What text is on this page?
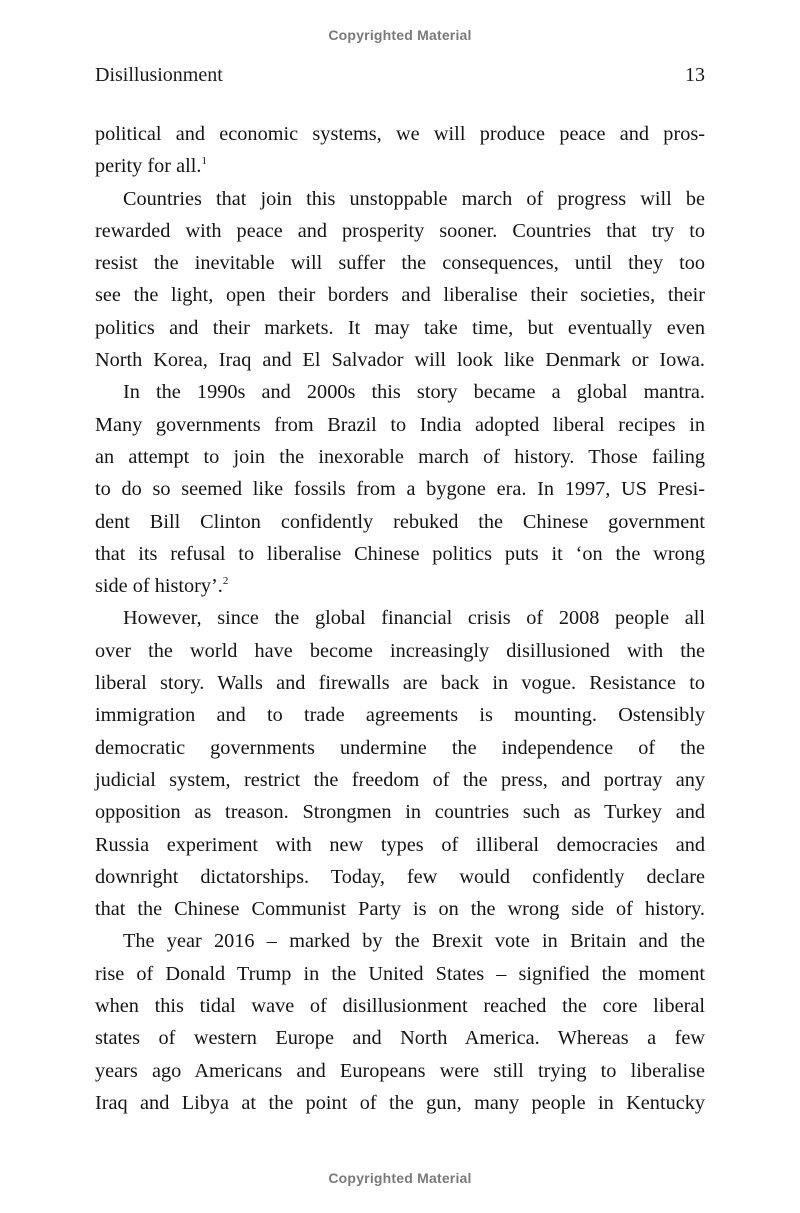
Copyrighted Material
Disillusionment	13
political and economic systems, we will produce peace and pros-
perity for all.$^1$
Countries that join this unstoppable march of progress will be
rewarded with peace and prosperity sooner. Countries that try to
resist the inevitable will suffer the consequences, until they too
see the light, open their borders and liberalise their societies, their
politics and their markets. It may take time, but eventually even
North Korea, Iraq and El Salvador will look like Denmark or Iowa.
In the 1990s and 2000s this story became a global mantra.
Many governments from Brazil to India adopted liberal recipes in
an attempt to join the inexorable march of history. Those failing
to do so seemed like fossils from a bygone era. In 1997, US Presi-
dent Bill Clinton confidently rebuked the Chinese government
that its refusal to liberalise Chinese politics puts it ‘on the wrong
side of history’.$^2$
However, since the global financial crisis of 2008 people all
over the world have become increasingly disillusioned with the
liberal story. Walls and firewalls are back in vogue. Resistance to
immigration and to trade agreements is mounting. Ostensibly
democratic governments undermine the independence of the
judicial system, restrict the freedom of the press, and portray any
opposition as treason. Strongmen in countries such as Turkey and
Russia experiment with new types of illiberal democracies and
downright dictatorships. Today, few would confidently declare
that the Chinese Communist Party is on the wrong side of history.
The year 2016 – marked by the Brexit vote in Britain and the
rise of Donald Trump in the United States – signified the moment
when this tidal wave of disillusionment reached the core liberal
states of western Europe and North America. Whereas a few
years ago Americans and Europeans were still trying to liberalise
Iraq and Libya at the point of the gun, many people in Kentucky
Copyrighted Material
